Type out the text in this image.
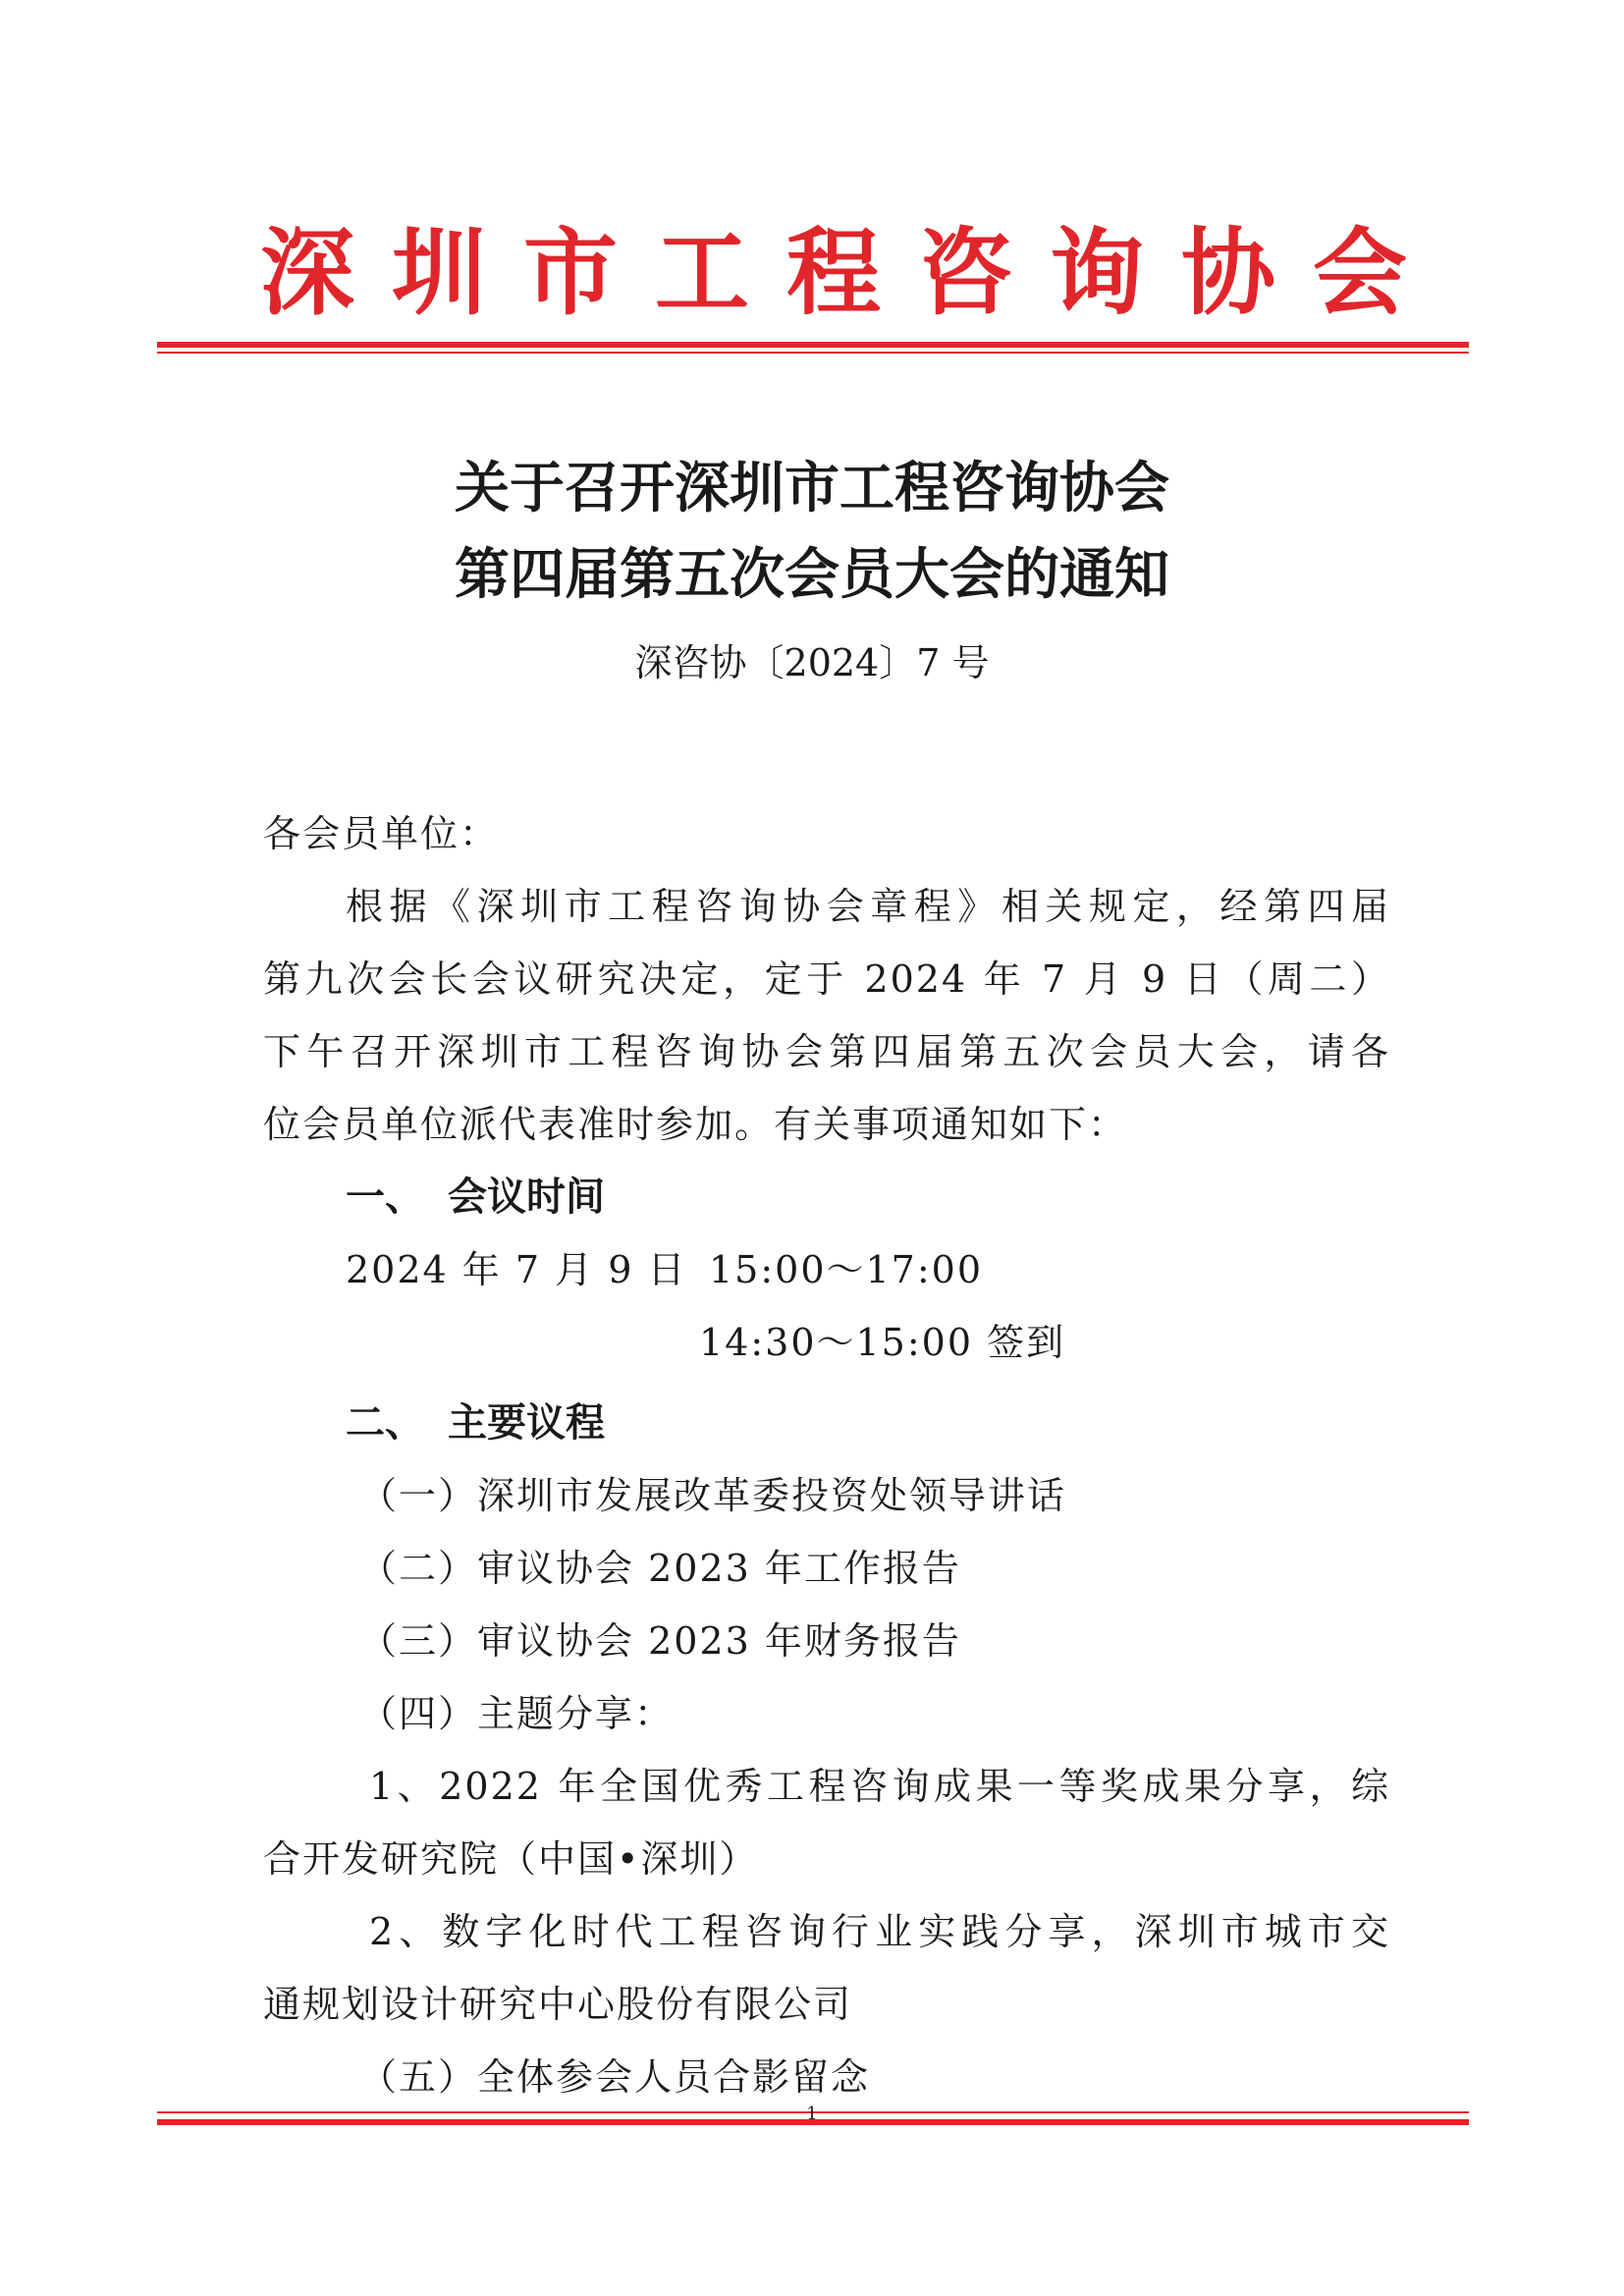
深圳市工程咨询协会
关于召开深圳市工程咨询协会
第四届第五次会员大会的通知
深咨协〔2024〕7 号
各会员单位：
根据《深圳市工程咨询协会章程》相关规定，经第四届
第九次会长会议研究决定，定于 2024 年 7 月 9 日（周二）
下午召开深圳市工程咨询协会第四届第五次会员大会，请各
位会员单位派代表准时参加。有关事项通知如下：
一、 会议时间
2024 年 7 月 9 日 15:00～17:00
14:30～15:00 签到
二、 主要议程
（一）深圳市发展改革委投资处领导讲话
（二）审议协会 2023 年工作报告
（三）审议协会 2023 年财务报告
（四）主题分享：
1、2022 年全国优秀工程咨询成果一等奖成果分享，综
合开发研究院（中国•深圳）
2、数字化时代工程咨询行业实践分享，深圳市城市交
通规划设计研究中心股份有限公司
（五）全体参会人员合影留念
1
